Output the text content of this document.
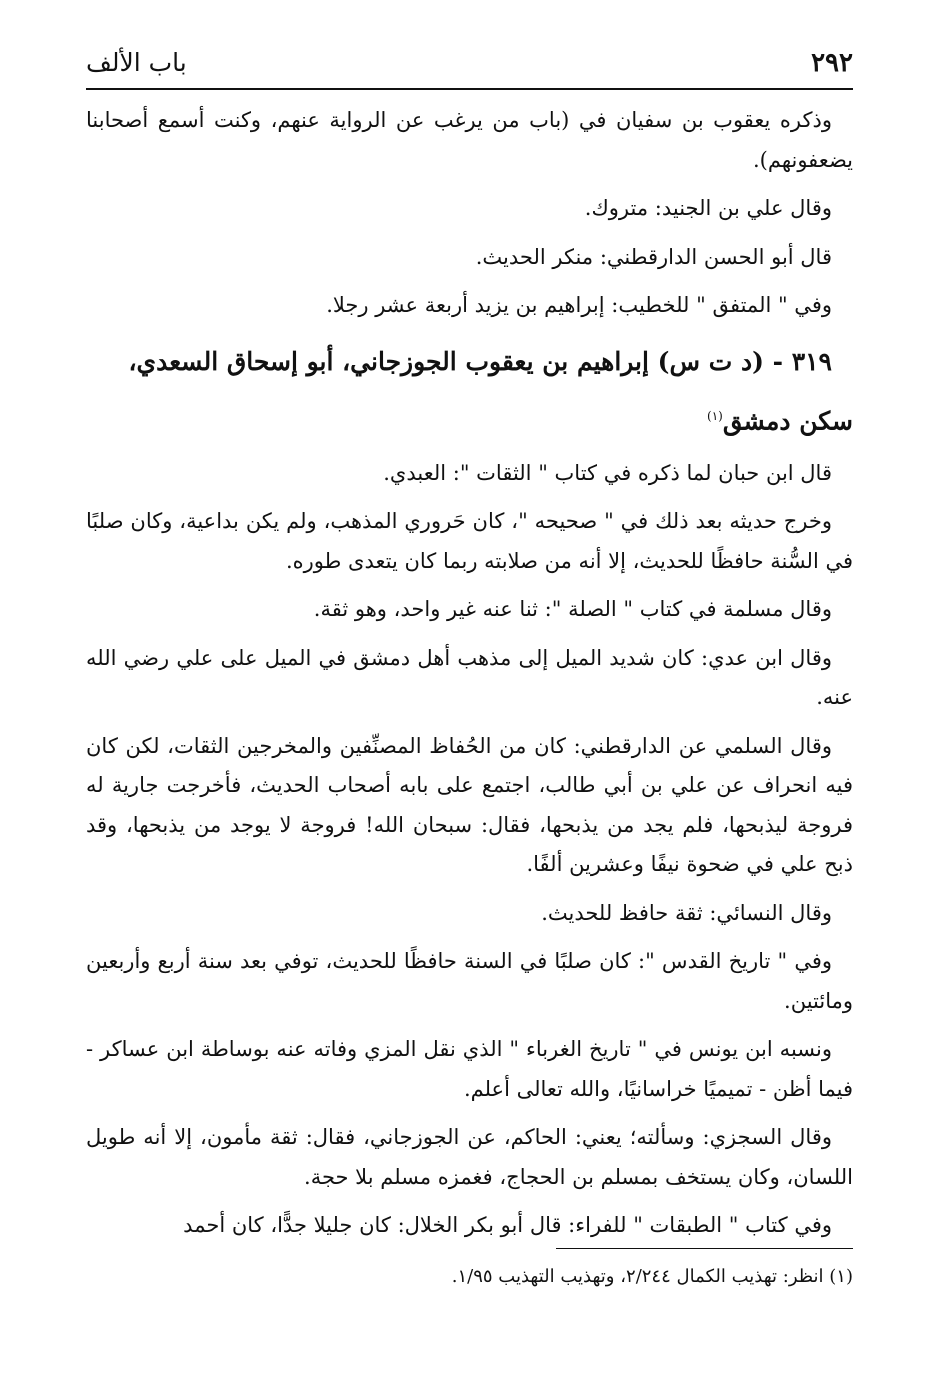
٢٩٢
باب الألف

وذكره يعقوب بن سفيان في (باب من يرغب عن الرواية عنهم، وكنت أسمع أصحابنا يضعفونهم).

وقال علي بن الجنيد: متروك.

قال أبو الحسن الدارقطني: منكر الحديث.

وفي " المتفق " للخطيب: إبراهيم بن يزيد أربعة عشر رجلا.

٣١٩ - (د ت س) إبراهيم بن يعقوب الجوزجاني، أبو إسحاق السعدي، سكن دمشق$^{(١)}$

قال ابن حبان لما ذكره في كتاب " الثقات ": العبدي.

وخرج حديثه بعد ذلك في " صحيحه "، كان حَروري المذهب، ولم يكن بداعية، وكان صلبًا في السُّنة حافظًا للحديث، إلا أنه من صلابته ربما كان يتعدى طوره.

وقال مسلمة في كتاب " الصلة ": ثنا عنه غير واحد، وهو ثقة.

وقال ابن عدي: كان شديد الميل إلى مذهب أهل دمشق في الميل على علي رضي الله عنه.

وقال السلمي عن الدارقطني: كان من الحُفاظ المصنِّفين والمخرجين الثقات، لكن كان فيه انحراف عن علي بن أبي طالب، اجتمع على بابه أصحاب الحديث، فأخرجت جارية له فروجة ليذبحها، فلم يجد من يذبحها، فقال: سبحان الله! فروجة لا يوجد من يذبحها، وقد ذبح علي في ضحوة نيفًا وعشرين ألفًا.

وقال النسائي: ثقة حافظ للحديث.

وفي " تاريخ القدس ": كان صلبًا في السنة حافظًا للحديث، توفي بعد سنة أربع وأربعين ومائتين.

ونسبه ابن يونس في " تاريخ الغرباء " الذي نقل المزي وفاته عنه بوساطة ابن عساكر - فيما أظن - تميميًا خراسانيًا، والله تعالى أعلم.

وقال السجزي: وسألته؛ يعني: الحاكم، عن الجوزجاني، فقال: ثقة مأمون، إلا أنه طويل اللسان، وكان يستخف بمسلم بن الحجاج، فغمزه مسلم بلا حجة.

وفي كتاب " الطبقات " للفراء: قال أبو بكر الخلال: كان جليلا جدًّا، كان أحمد

(١) انظر: تهذيب الكمال ٢/٢٤٤، وتهذيب التهذيب ١/٩٥.
